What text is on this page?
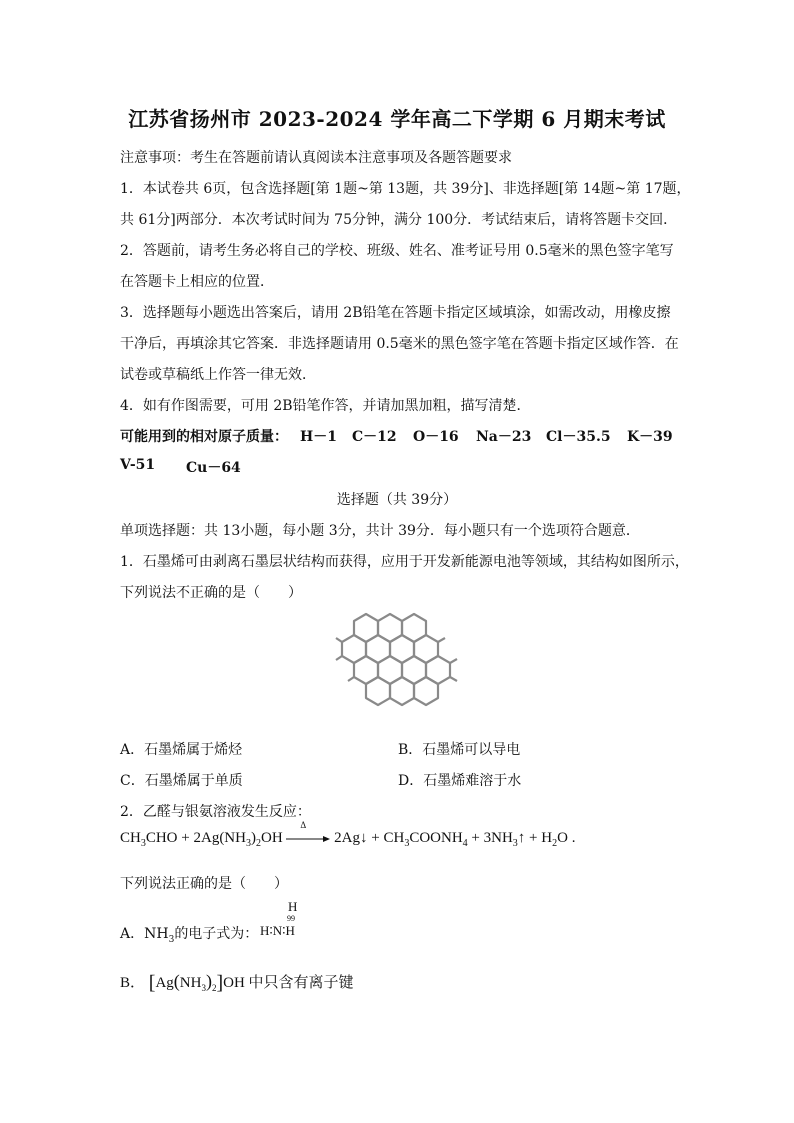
江苏省扬州市 2023-2024 学年高二下学期 6 月期末考试
注意事项：考生在答题前请认真阅读本注意事项及各题答题要求
1．本试卷共 6页，包含选择题[第 1题~第 13题，共 39分]、非选择题[第 14题~第 17题，
共 61分]两部分．本次考试时间为 75分钟，满分 100分．考试结束后，请将答题卡交回．
2．答题前，请考生务必将自己的学校、班级、姓名、准考证号用 0.5毫米的黑色签字笔写
在答题卡上相应的位置．
3．选择题每小题选出答案后，请用 2B铅笔在答题卡指定区域填涂，如需改动，用橡皮擦
干净后，再填涂其它答案．非选择题请用 0.5毫米的黑色签字笔在答题卡指定区域作答．在
试卷或草稿纸上作答一律无效．
4．如有作图需要，可用 2B铅笔作答，并请加黑加粗，描写清楚．
可能用到的相对原子质量： H－1 C－12 O－16 Na－23 Cl－35.5 K－39
V-51 Cu－64
选择题（共 39分）
单项选择题：共 13小题，每小题 3分，共计 39分．每小题只有一个选项符合题意．
1．石墨烯可由剥离石墨层状结构而获得，应用于开发新能源电池等领域，其结构如图所示，
下列说法不正确的是（　　）
A．石墨烯属于烯烃	B．石墨烯可以导电
C．石墨烯属于单质	D．石墨烯难溶于水
2．乙醛与银氨溶液发生反应：
$CH_3CHO + 2Ag(NH_3)_2OH$
Δ
2Ag↓ + $CH_3COONH_4$ + $3NH_3↑ + H_2O$ .
下列说法正确的是（　　）
A．$NH_3$的电子式为：
H
99
H∶N∶H
B． $[Ag(NH_3)_2]OH$ 中只含有离子键
